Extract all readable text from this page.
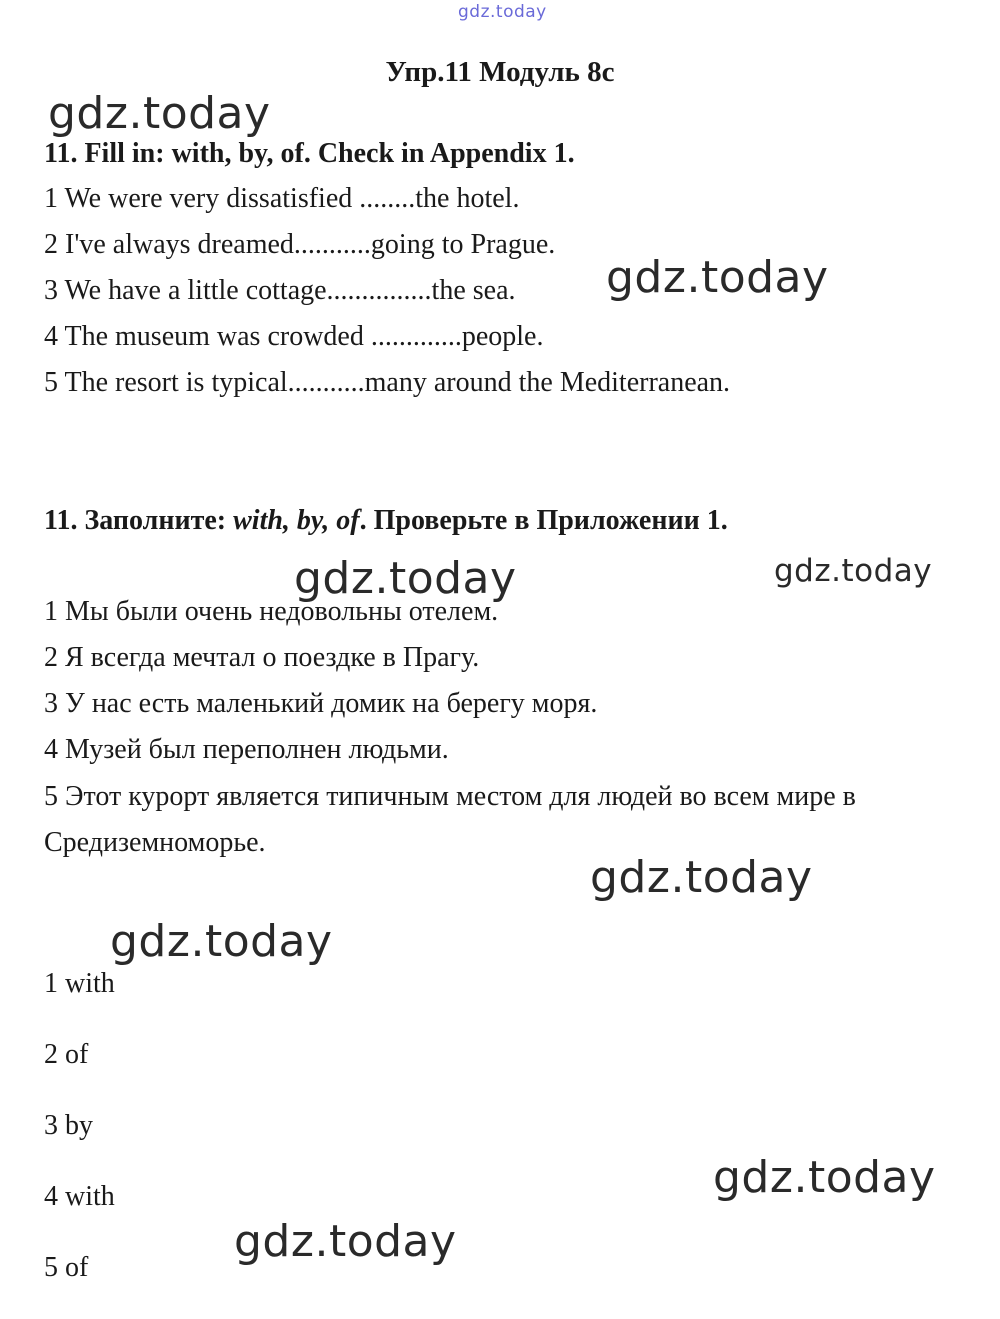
gdz.today
Упр.11 Модуль 8с
gdz.today
11. Fill in: with, by, of. Check in Appendix 1.
1 We were very dissatisfied ........the hotel.
2 I've always dreamed...........going to Prague.
3 We have a little cottage...............the sea.
4 The museum was crowded .............people.
5 The resort is typical...........many around the Mediterranean.
gdz.today
11. Заполните: with, by, of. Проверьте в Приложении 1.
gdz.today	gdz.today
1 Мы были очень недовольны отелем.
2 Я всегда мечтал о поездке в Прагу.
3 У нас есть маленький домик на берегу моря.
4 Музей был переполнен людьми.
5 Этот курорт является типичным местом для людей во всем мире в Средиземноморье.
gdz.today
gdz.today
1 with
2 of
3 by
4 with
5 of
gdz.today
gdz.today
